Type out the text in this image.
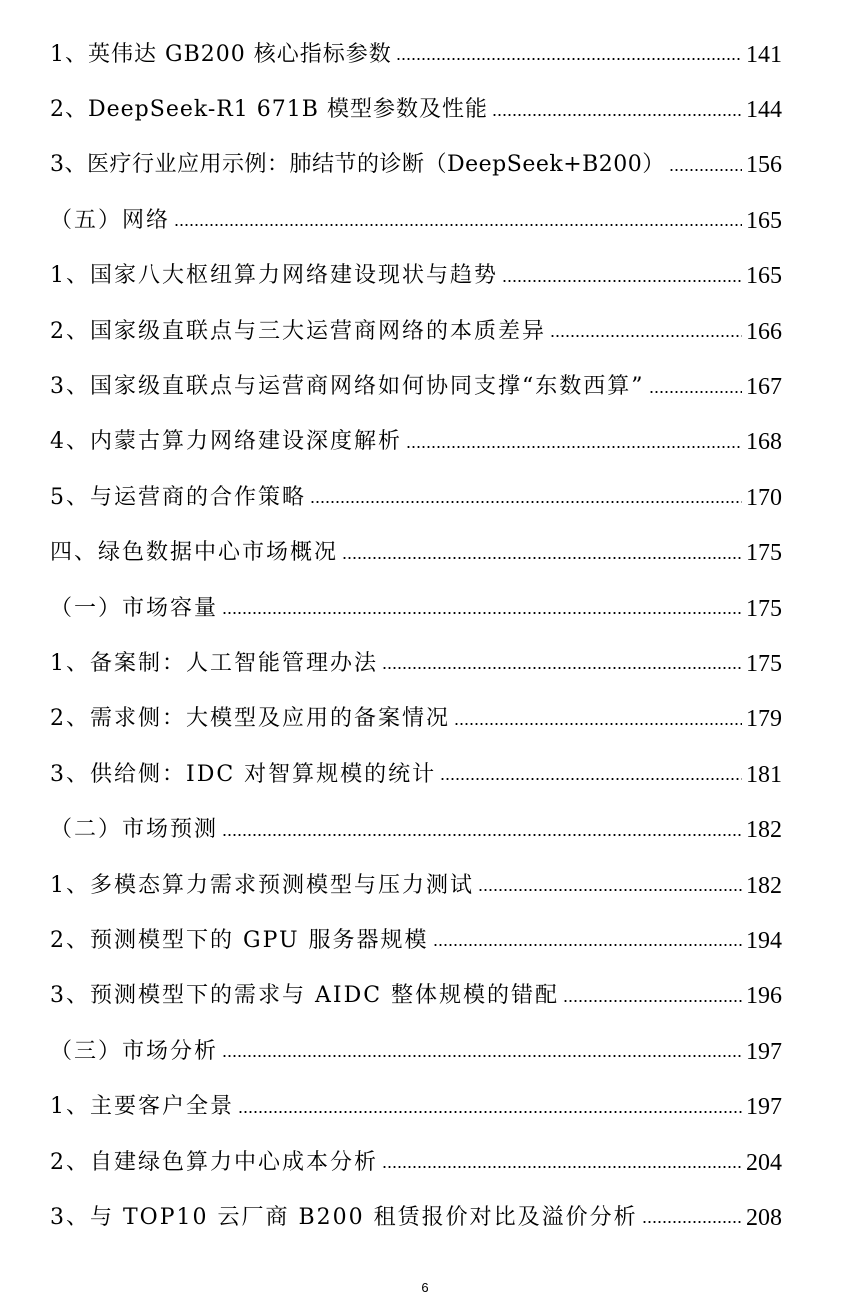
1、英伟达 GB200 核心指标参数	141
2、DeepSeek-R1 671B 模型参数及性能	144
3、医疗行业应用示例：肺结节的诊断（DeepSeek+B200）	156
（五）网络	165
1、国家八大枢纽算力网络建设现状与趋势	165
2、国家级直联点与三大运营商网络的本质差异	166
3、国家级直联点与运营商网络如何协同支撑“东数西算”	167
4、内蒙古算力网络建设深度解析	168
5、与运营商的合作策略	170
四、绿色数据中心市场概况	175
（一）市场容量	175
1、备案制：人工智能管理办法	175
2、需求侧：大模型及应用的备案情况	179
3、供给侧：IDC 对智算规模的统计	181
（二）市场预测	182
1、多模态算力需求预测模型与压力测试	182
2、预测模型下的 GPU 服务器规模	194
3、预测模型下的需求与 AIDC 整体规模的错配	196
（三）市场分析	197
1、主要客户全景	197
2、自建绿色算力中心成本分析	204
3、与 TOP10 云厂商 B200 租赁报价对比及溢价分析	208
6
